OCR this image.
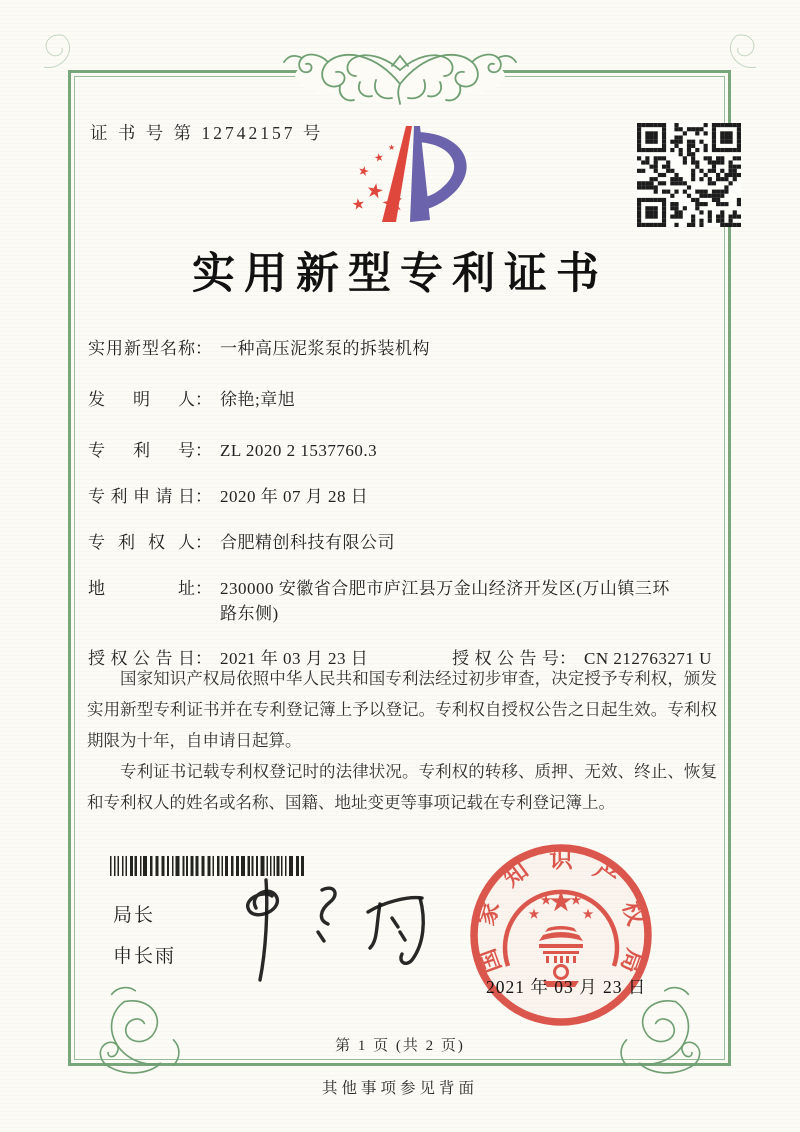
证 书 号 第 12742157 号
★
★
★
★
★
★
实用新型专利证书
实 用 新 型 名 称 ： 一种高压泥浆泵的拆装机构
发 明 人 ： 徐艳;章旭
专 利 号 ： ZL 2020 2 1537760.3
专 利 申 请 日 ： 2020 年 07 月 28 日
专 利 权 人 ： 合肥精创科技有限公司
地	址 ： 230000 安徽省合肥市庐江县万金山经济开发区(万山镇三环路东侧)
授 权 公 告 日 ： 2021 年 03 月 23 日	授 权 公 告 号 ： CN 212763271 U

国家知识产权局依照中华人民共和国专利法经过初步审查，决定授予专利权，颁发实用新型专利证书并在专利登记簿上予以登记。专利权自授权公告之日起生效。专利权期限为十年，自申请日起算。

专利证书记载专利权登记时的法律状况。专利权的转移、质押、无效、终止、恢复和专利权人的姓名或名称、国籍、地址变更等事项记载在专利登记簿上。

局长
申长雨	国
家
知 识 产
权
局
★
★
★ ★
★
2021 年 03 月 23 日
第 1 页 (共 2 页)
其他事项参见背面
